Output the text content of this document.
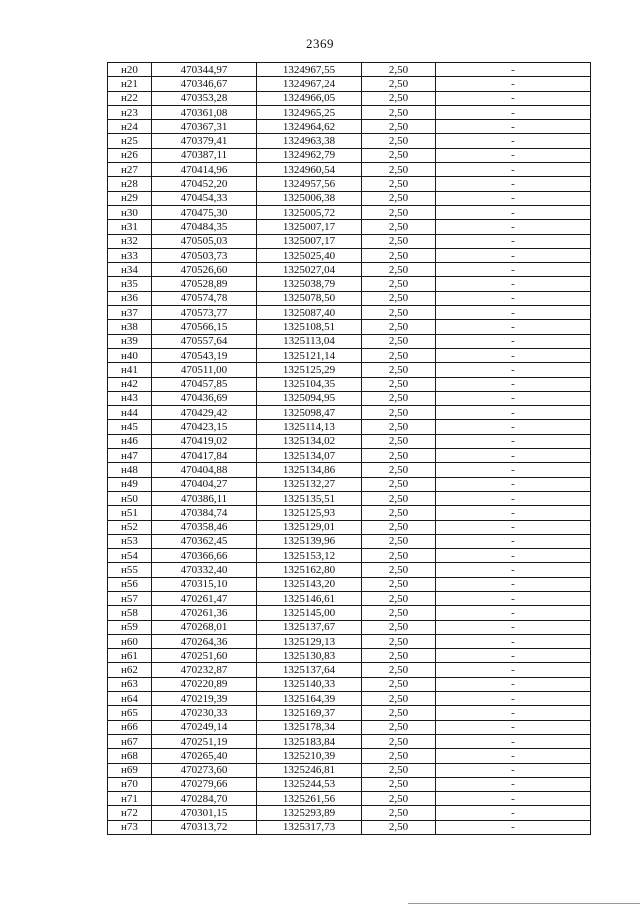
2369
н20	470344,97	1324967,55	2,50	-
н21	470346,67	1324967,24	2,50	-
н22	470353,28	1324966,05	2,50	-
н23	470361,08	1324965,25	2,50	-
н24	470367,31	1324964,62	2,50	-
н25	470379,41	1324963,38	2,50	-
н26	470387,11	1324962,79	2,50	-
н27	470414,96	1324960,54	2,50	-
н28	470452,20	1324957,56	2,50	-
н29	470454,33	1325006,38	2,50	-
н30	470475,30	1325005,72	2,50	-
н31	470484,35	1325007,17	2,50	-
н32	470505,03	1325007,17	2,50	-
н33	470503,73	1325025,40	2,50	-
н34	470526,60	1325027,04	2,50	-
н35	470528,89	1325038,79	2,50	-
н36	470574,78	1325078,50	2,50	-
н37	470573,77	1325087,40	2,50	-
н38	470566,15	1325108,51	2,50	-
н39	470557,64	1325113,04	2,50	-
н40	470543,19	1325121,14	2,50	-
н41	470511,00	1325125,29	2,50	-
н42	470457,85	1325104,35	2,50	-
н43	470436,69	1325094,95	2,50	-
н44	470429,42	1325098,47	2,50	-
н45	470423,15	1325114,13	2,50	-
н46	470419,02	1325134,02	2,50	-
н47	470417,84	1325134,07	2,50	-
н48	470404,88	1325134,86	2,50	-
н49	470404,27	1325132,27	2,50	-
н50	470386,11	1325135,51	2,50	-
н51	470384,74	1325125,93	2,50	-
н52	470358,46	1325129,01	2,50	-
н53	470362,45	1325139,96	2,50	-
н54	470366,66	1325153,12	2,50	-
н55	470332,40	1325162,80	2,50	-
н56	470315,10	1325143,20	2,50	-
н57	470261,47	1325146,61	2,50	-
н58	470261,36	1325145,00	2,50	-
н59	470268,01	1325137,67	2,50	-
н60	470264,36	1325129,13	2,50	-
н61	470251,60	1325130,83	2,50	-
н62	470232,87	1325137,64	2,50	-
н63	470220,89	1325140,33	2,50	-
н64	470219,39	1325164,39	2,50	-
н65	470230,33	1325169,37	2,50	-
н66	470249,14	1325178,34	2,50	-
н67	470251,19	1325183,84	2,50	-
н68	470265,40	1325210,39	2,50	-
н69	470273,60	1325246,81	2,50	-
н70	470279,66	1325244,53	2,50	-
н71	470284,70	1325261,56	2,50	-
н72	470301,15	1325293,89	2,50	-
н73	470313,72	1325317,73	2,50	-
